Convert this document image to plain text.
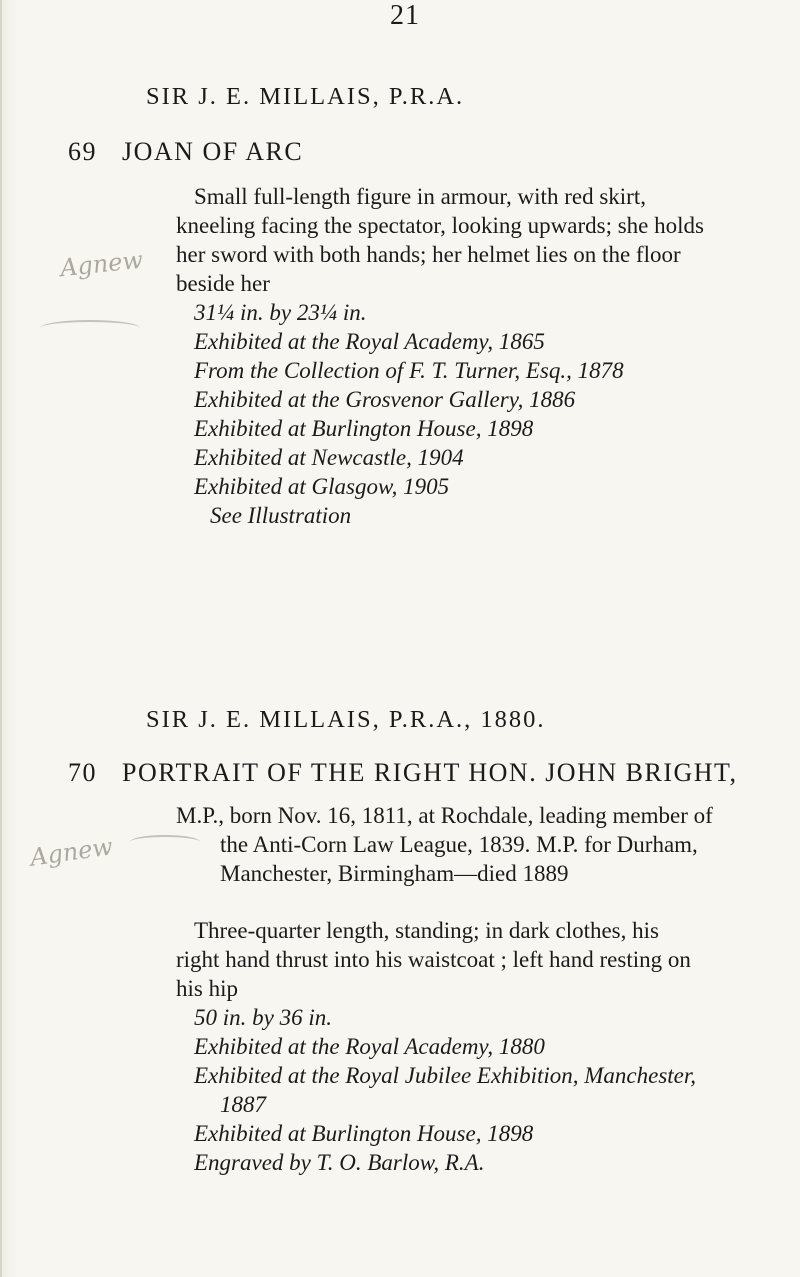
21
SIR J. E. MILLAIS, P.R.A.
69 JOAN OF ARC
Small full-length figure in armour, with red skirt,
kneeling facing the spectator, looking upwards; she holds
her sword with both hands; her helmet lies on the floor
beside her
31¼ in. by 23¼ in.
Exhibited at the Royal Academy, 1865
From the Collection of F. T. Turner, Esq., 1878
Exhibited at the Grosvenor Gallery, 1886
Exhibited at Burlington House, 1898
Exhibited at Newcastle, 1904
Exhibited at Glasgow, 1905
See Illustration
Agnew
SIR J. E. MILLAIS, P.R.A., 1880.
70 PORTRAIT OF THE RIGHT HON. JOHN BRIGHT,
M.P., born Nov. 16, 1811, at Rochdale, leading member of
the Anti-Corn Law League, 1839. M.P. for Durham,
Manchester, Birmingham—died 1889
Three-quarter length, standing; in dark clothes, his
right hand thrust into his waistcoat ; left hand resting on
his hip
50 in. by 36 in.
Exhibited at the Royal Academy, 1880
Exhibited at the Royal Jubilee Exhibition, Manchester,
1887
Exhibited at Burlington House, 1898
Engraved by T. O. Barlow, R.A.
Agnew
